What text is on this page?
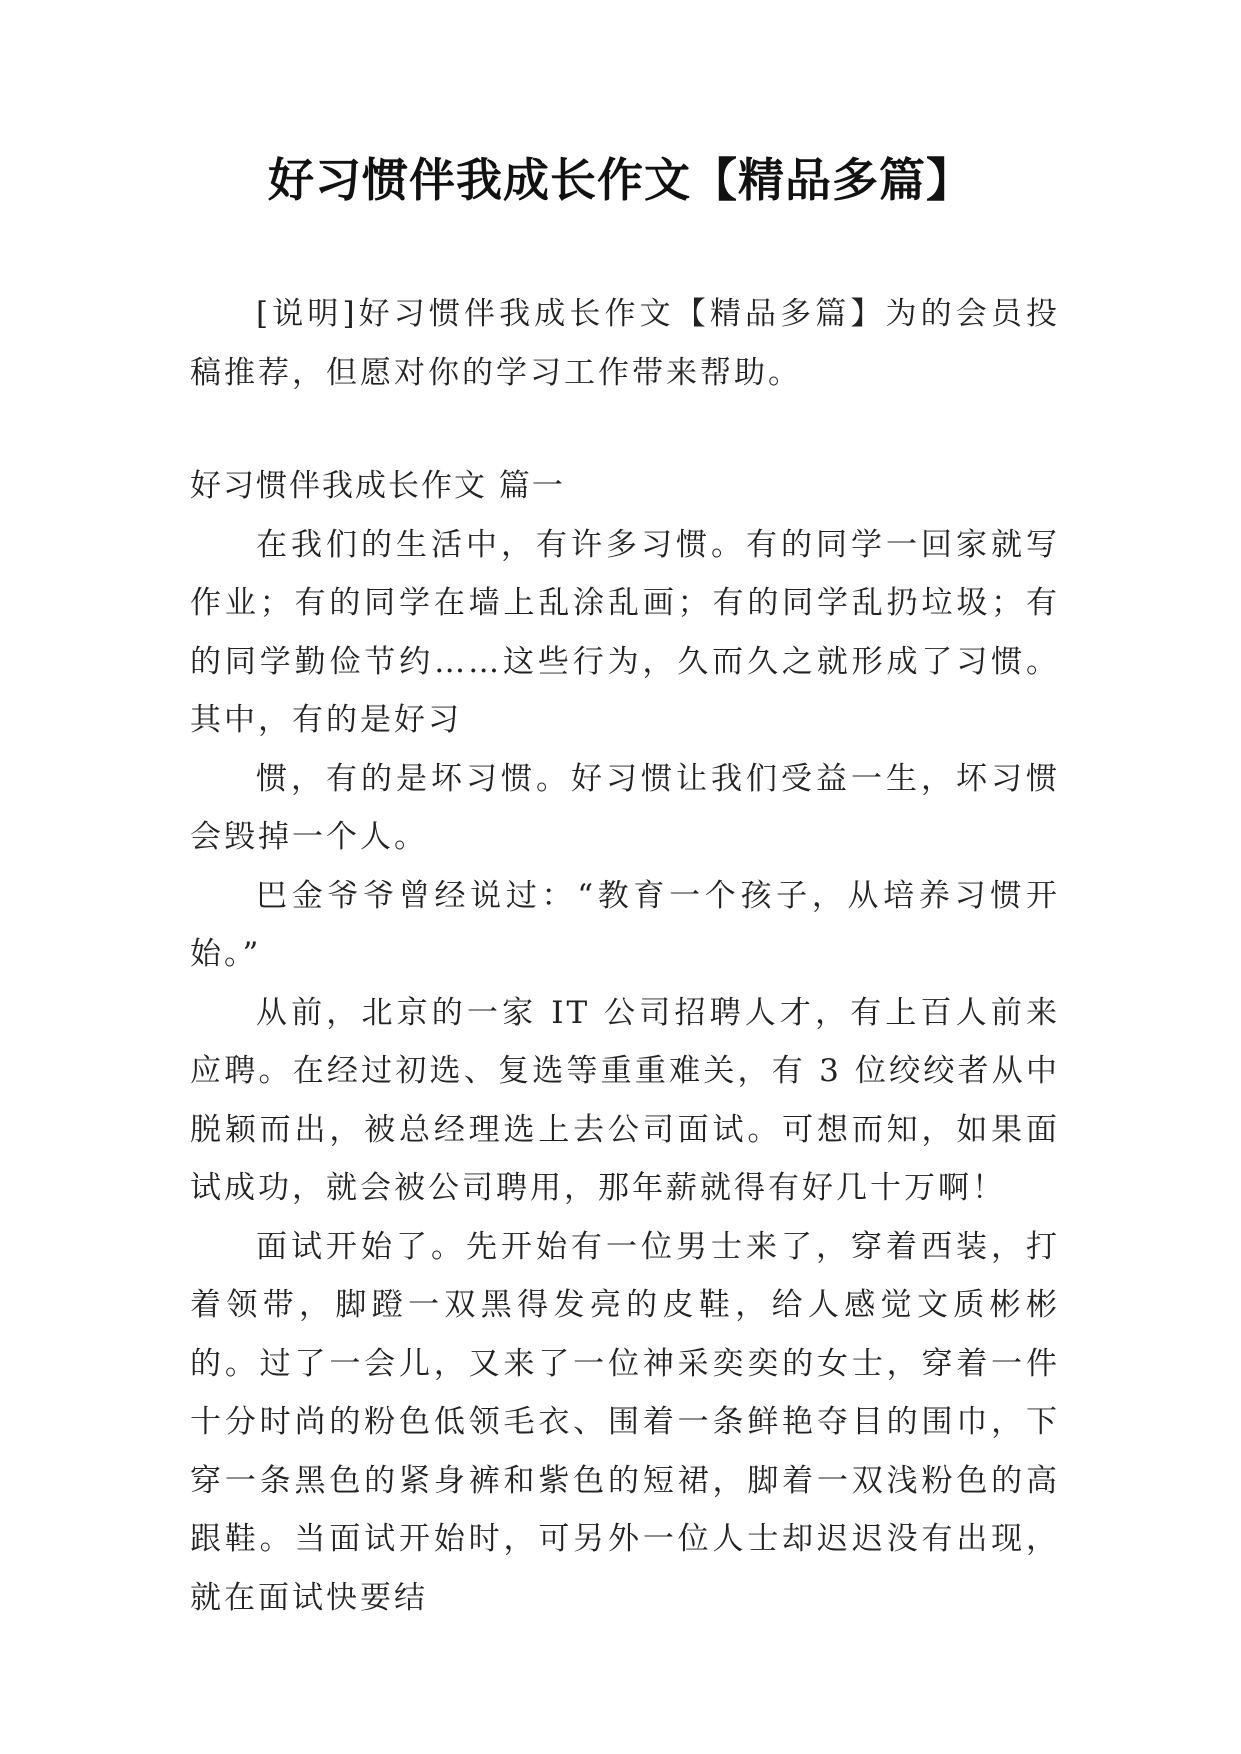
好习惯伴我成长作文【精品多篇】

[说明]好习惯伴我成长作文【精品多篇】为的会员投稿推荐，但愿对你的学习工作带来帮助。

好习惯伴我成长作文 篇一

在我们的生活中，有许多习惯。有的同学一回家就写作业；有的同学在墙上乱涂乱画；有的同学乱扔垃圾；有的同学勤俭节约……这些行为，久而久之就形成了习惯。其中，有的是好习

惯，有的是坏习惯。好习惯让我们受益一生，坏习惯会毁掉一个人。

巴金爷爷曾经说过：“教育一个孩子，从培养习惯开始。”

从前，北京的一家 IT 公司招聘人才，有上百人前来应聘。在经过初选、复选等重重难关，有 3 位绞绞者从中脱颖而出，被总经理选上去公司面试。可想而知，如果面试成功，就会被公司聘用，那年薪就得有好几十万啊！

面试开始了。先开始有一位男士来了，穿着西装，打着领带，脚蹬一双黑得发亮的皮鞋，给人感觉文质彬彬的。过了一会儿，又来了一位神采奕奕的女士，穿着一件十分时尚的粉色低领毛衣、围着一条鲜艳夺目的围巾，下穿一条黑色的紧身裤和紫色的短裙，脚着一双浅粉色的高跟鞋。当面试开始时，可另外一位人士却迟迟没有出现，就在面试快要结
